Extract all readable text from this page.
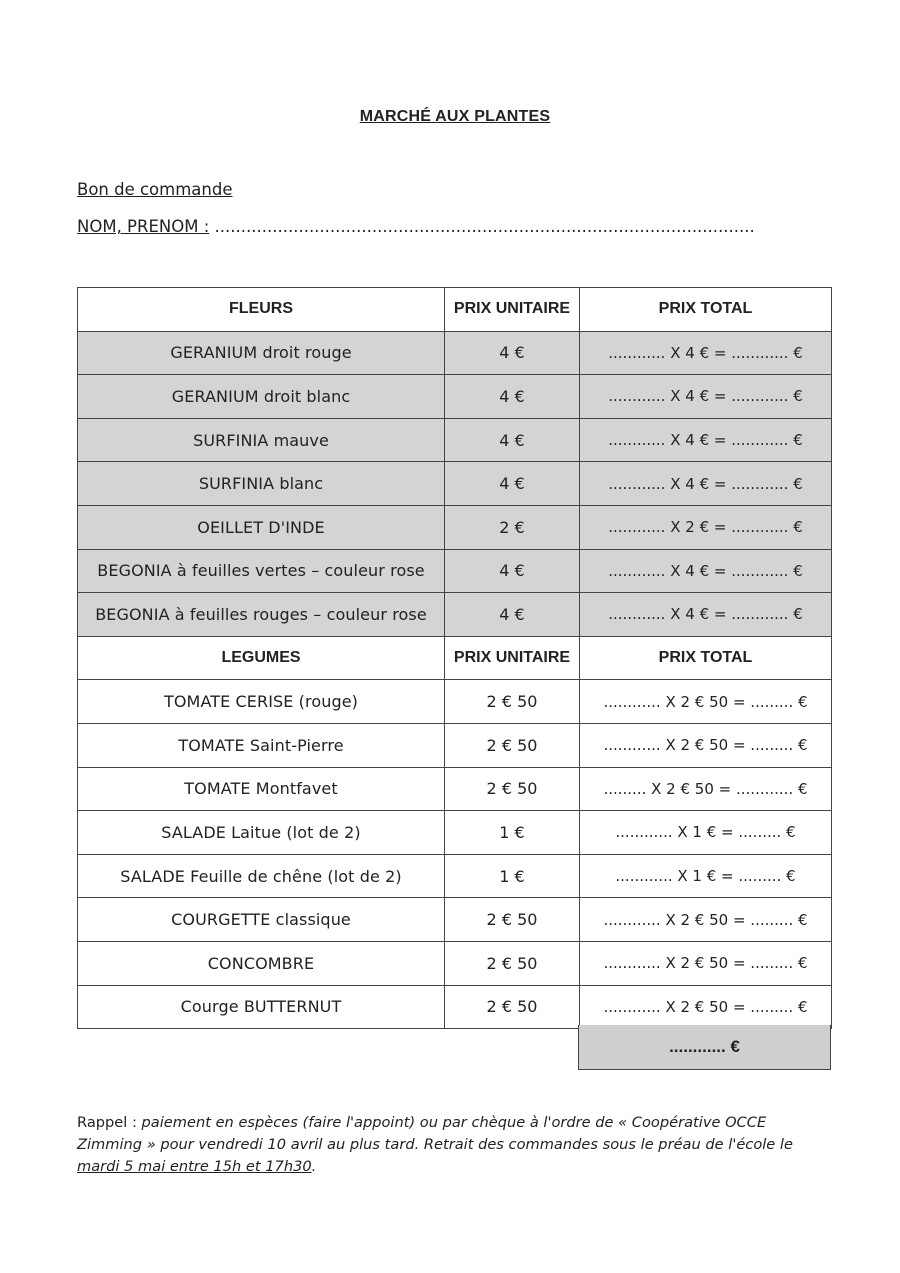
MARCHÉ AUX PLANTES
Bon de commande
NOM, PRENOM : .......................................................................................................
FLEURS	PRIX UNITAIRE	PRIX TOTAL
GERANIUM droit rouge	4 €	............ X 4 € = ............ €
GERANIUM droit blanc	4 €	............ X 4 € = ............ €
SURFINIA mauve	4 €	............ X 4 € = ............ €
SURFINIA blanc	4 €	............ X 4 € = ............ €
OEILLET D'INDE	2 €	............ X 2 € = ............ €
BEGONIA à feuilles vertes – couleur rose	4 €	............ X 4 € = ............ €
BEGONIA à feuilles rouges – couleur rose	4 €	............ X 4 € = ............ €
LEGUMES	PRIX UNITAIRE	PRIX TOTAL
TOMATE CERISE (rouge)	2 € 50	............ X 2 € 50 = ......... €
TOMATE Saint-Pierre	2 € 50	............ X 2 € 50 = ......... €
TOMATE Montfavet	2 € 50	......... X 2 € 50 = ............ €
SALADE Laitue (lot de 2)	1 €	............ X 1 € = ......... €
SALADE Feuille de chêne (lot de 2)	1 €	............ X 1 € = ......... €
COURGETTE classique	2 € 50	............ X 2 € 50 = ......... €
CONCOMBRE	2 € 50	............ X 2 € 50 = ......... €
Courge BUTTERNUT	2 € 50	............ X 2 € 50 = ......... €
............ €
Rappel : paiement en espèces (faire l'appoint) ou par chèque à l'ordre de « Coopérative OCCE Zimming » pour vendredi 10 avril au plus tard. Retrait des commandes sous le préau de l'école le mardi 5 mai entre 15h et 17h30.
